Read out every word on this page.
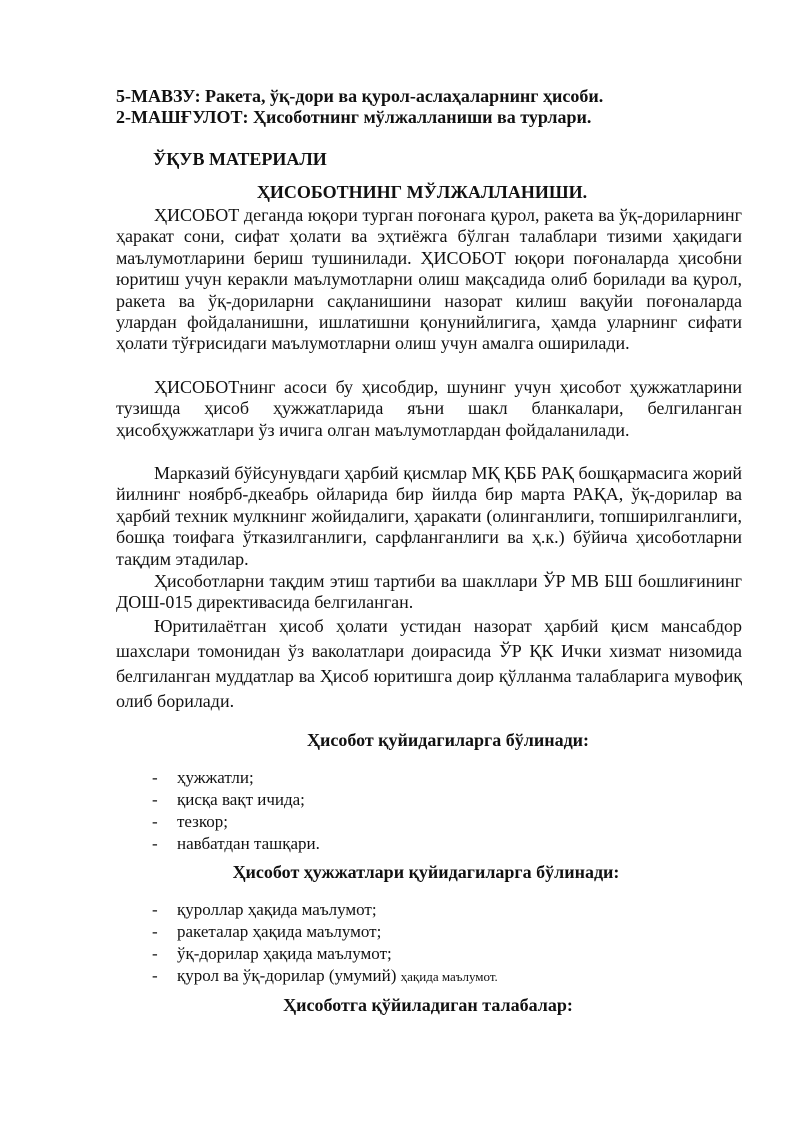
5-МАВЗУ: Ракета, ўқ-дори ва қурол-аслаҳаларнинг ҳисоби.
2-МАШҒУЛОТ: Ҳисоботнинг мўлжалланиши ва турлари.
ЎҚУВ МАТЕРИАЛИ
ҲИСОБОТНИНГ МЎЛЖАЛЛАНИШИ.

ҲИСОБОТ деганда юқори турган поғонага қурол, ракета ва ўқ-дориларнинг ҳаракат сони, сифат ҳолати ва эҳтиёжга бўлган талаблари тизими ҳақидаги маълумотларини бериш тушинилади. ҲИСОБОТ юқори поғоналарда ҳисобни юритиш учун керакли маълумотларни олиш мақсадида олиб борилади ва қурол, ракета ва ўқ-дориларни сақланишини назорат килиш вақуйи поғоналарда улардан фойдаланишни, ишлатишни қонунийлигига, ҳамда уларнинг сифати ҳолати тўғрисидаги маълумотларни олиш учун амалга оширилади.

ҲИСОБОТнинг асоси бу ҳисобдир, шунинг учун ҳисобот ҳужжатларини тузишда ҳисоб ҳужжатларида яъни шакл бланкалари, белгиланган ҳисобҳужжатлари ўз ичига олган маълумотлардан фойдаланилади.

Марказий бўйсунувдаги ҳарбий қисмлар МҚ ҚББ РАҚ бошқармасига жорий йилнинг ноябрб-дкеабрь ойларида бир йилда бир марта РАҚА, ўқ-дорилар ва ҳарбий техник мулкнинг жойидалиги, ҳаракати (олинганлиги, топширилганлиги, бошқа тоифага ўтказилганлиги, сарфланганлиги ва ҳ.к.) бўйича ҳисоботларни тақдим этадилар.

Ҳисоботларни тақдим этиш тартиби ва шакллари ЎР МВ БШ бошлиғининг ДОШ-015 директивасида белгиланган.

Юритилаётган ҳисоб ҳолати устидан назорат ҳарбий қисм мансабдор шахслари томонидан ўз ваколатлари доирасида ЎР ҚК Ички хизмат низомида белгиланган муддатлар ва Ҳисоб юритишга доир қўлланма талабларига мувофиқ олиб борилади.

Ҳисобот қуйидагиларга бўлинади:
- ҳужжатли;
- қисқа вақт ичида;
- тезкор;
- навбатдан ташқари.
Ҳисобот ҳужжатлари қуйидагиларга бўлинади:
- қуроллар ҳақида маълумот;
- ракеталар ҳақида маълумот;
- ўқ-дорилар ҳақида маълумот;
- қурол ва ўқ-дорилар (умумий) ҳақида маълумот.
Ҳисоботга қўйиладиган талабалар:
